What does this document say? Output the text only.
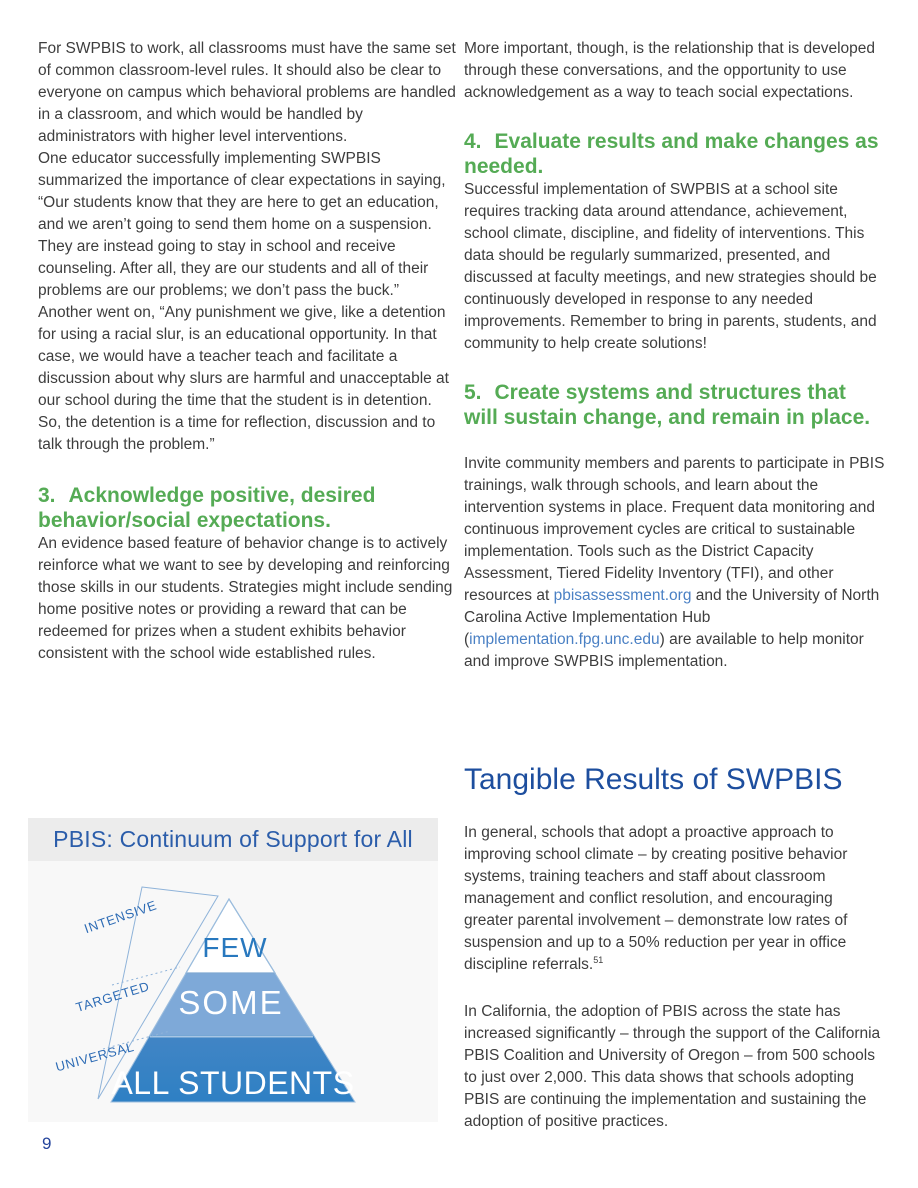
For SWPBIS to work, all classrooms must have the same set of common classroom-level rules. It should also be clear to everyone on campus which behavioral problems are handled in a classroom, and which would be handled by administrators with higher level interventions.

One educator successfully implementing SWPBIS summarized the importance of clear expectations in saying, “Our students know that they are here to get an education, and we aren’t going to send them home on a suspension. They are instead going to stay in school and receive counseling. After all, they are our students and all of their problems are our problems; we don’t pass the buck.”

Another went on, “Any punishment we give, like a detention for using a racial slur, is an educational opportunity. In that case, we would have a teacher teach and facilitate a discussion about why slurs are harmful and unacceptable at our school during the time that the student is in detention. So, the detention is a time for reflection, discussion and to talk through the problem.”

3. Acknowledge positive, desired behavior/social expectations.

An evidence based feature of behavior change is to actively reinforce what we want to see by developing and reinforcing those skills in our students. Strategies might include sending home positive notes or providing a reward that can be redeemed for prizes when a student exhibits behavior consistent with the school wide established rules.

More important, though, is the relationship that is developed through these conversations, and the opportunity to use acknowledgement as a way to teach social expectations.

4. Evaluate results and make changes as needed.

Successful implementation of SWPBIS at a school site requires tracking data around attendance, achievement, school climate, discipline, and fidelity of interventions. This data should be regularly summarized, presented, and discussed at faculty meetings, and new strategies should be continuously developed in response to any needed improvements. Remember to bring in parents, students, and community to help create solutions!

5. Create systems and structures that will sustain change, and remain in place.

Invite community members and parents to participate in PBIS trainings, walk through schools, and learn about the intervention systems in place. Frequent data monitoring and continuous improvement cycles are critical to sustainable implementation. Tools such as the District Capacity Assessment, Tiered Fidelity Inventory (TFI), and other resources at pbisassessment.org and the University of North Carolina Active Implementation Hub (implementation.fpg.unc.edu) are available to help monitor and improve SWPBIS implementation.

Tangible Results of SWPBIS

In general, schools that adopt a proactive approach to improving school climate – by creating positive behavior systems, training teachers and staff about classroom management and conflict resolution, and encouraging greater parental involvement – demonstrate low rates of suspension and up to a 50% reduction per year in office discipline referrals.$^{51}$

In California, the adoption of PBIS across the state has increased significantly – through the support of the California PBIS Coalition and University of Oregon – from 500 schools to just over 2,000. This data shows that schools adopting PBIS are continuing the implementation and sustaining the adoption of positive practices.

PBIS: Continuum of Support for All
INTENSIVE
TARGETED
UNIVERSAL
FEW
SOME
ALL STUDENTS
9
